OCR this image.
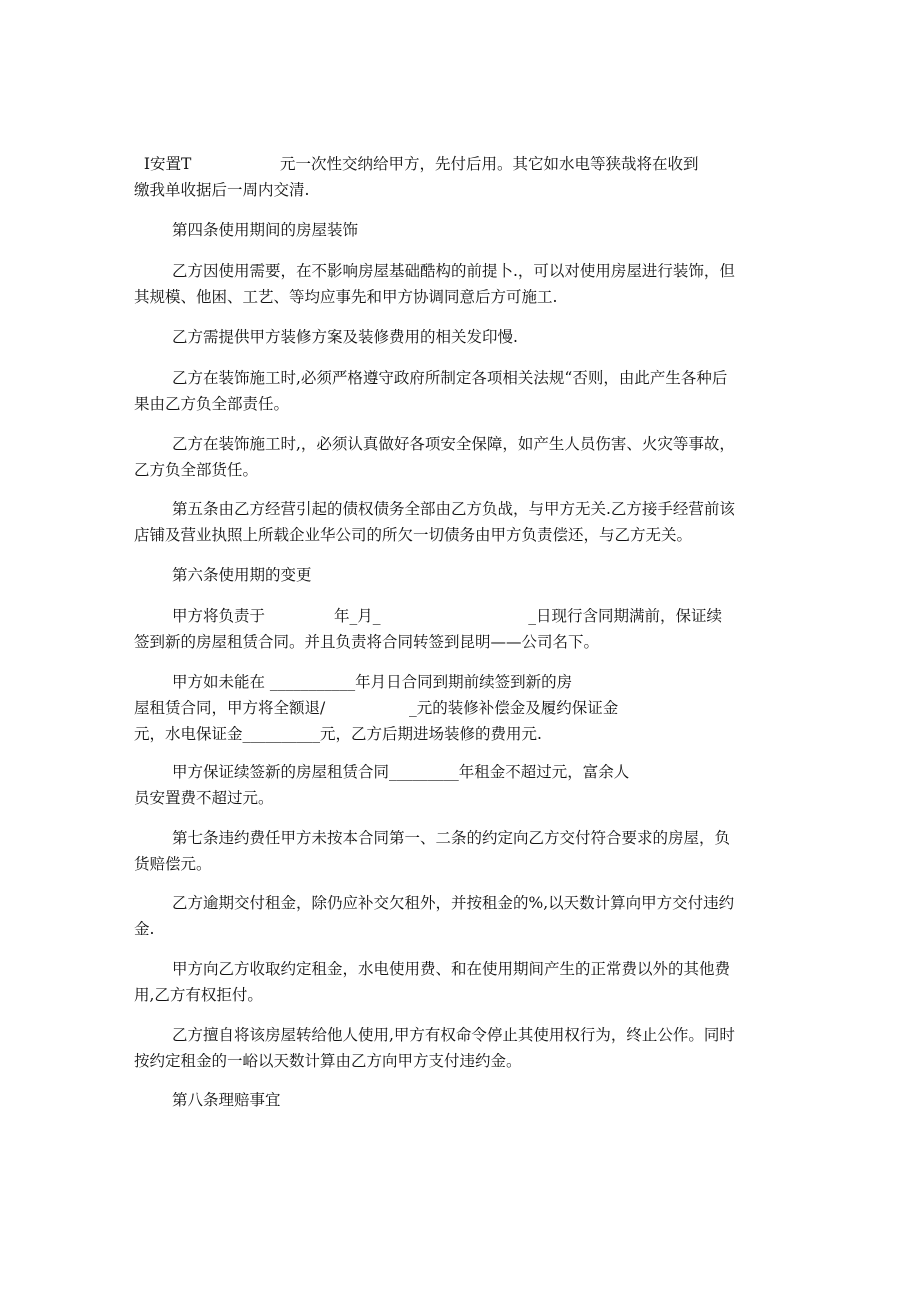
I安置T                  元一次性交纳给甲方，先付后用。其它如水电等狭哉将在收到
缴我单收据后一周内交清.
第四条使用期间的房屋装饰
乙方因使用需要，在不影响房屋基础酷构的前提卜.，可以对使用房屋进行装饰，但
其规模、他困、工艺、等均应事先和甲方协调同意后方可施工.
乙方需提供甲方装修方案及装修费用的相关发印慢.
乙方在装饰施工时,必须严格遵守政府所制定各项相关法规“否则，由此产生各种后
果由乙方负全部责任。
乙方在装饰施工时,，必须认真做好各项安全保障，如产生人员伤害、火灾等事故，
乙方负全部货任。
第五条由乙方经营引起的债权债务全部由乙方负战，与甲方无关.乙方接手经营前该
店铺及营业执照上所载企业华公司的所欠一切债务由甲方负责偿还，与乙方无关。
第六条使用期的变更
甲方将负责于              年_月_                              _日现行含同期满前，保证续
签到新的房屋租赁合同。并且负责将合同转签到昆明——公司名下。
甲方如未能在 ___________年月日合同到期前续签到新的房
屋租赁合同，甲方将全额退/                 _元的装修补偿金及履约保证金
元，水电保证金__________元，乙方后期进场装修的费用元.
甲方保证续签新的房屋租赁合同_________年租金不超过元，富余人
员安置费不超过元。
第七条违约费任甲方未按本合同第一、二条的约定向乙方交付符合要求的房屋，负
货赔偿元。
乙方逾期交付租金，除仍应补交欠租外，并按租金的%,以天数计算向甲方交付违约
金.
甲方向乙方收取约定租金，水电使用费、和在使用期间产生的正常费以外的其他费
用,乙方有权拒付。
乙方擅自将该房屋转给他人使用,甲方有权命令停止其使用权行为，终止公作。同时
按约定租金的一峪以天数计算由乙方向甲方支付违约金。
第八条理赔事宜
